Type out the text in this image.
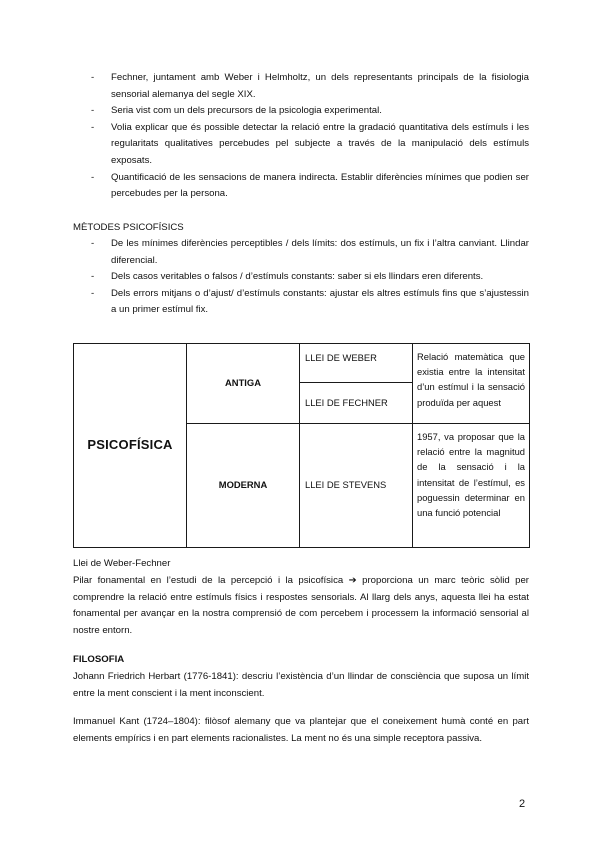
- Fechner, juntament amb Weber i Helmholtz, un dels representants principals de la fisiologia sensorial alemanya del segle XIX.
- Seria vist com un dels precursors de la psicologia experimental.
- Volia explicar que és possible detectar la relació entre la gradació quantitativa dels estímuls i les regularitats qualitatives percebudes pel subjecte a través de la manipulació dels estímuls exposats.
- Quantificació de les sensacions de manera indirecta. Establir diferències mínimes que podien ser percebudes per la persona.
MÈTODES PSICOFÍSICS
- De les mínimes diferències perceptibles / dels límits: dos estímuls, un fix i l’altra canviant. Llindar diferencial.
- Dels casos veritables o falsos / d’estímuls constants: saber si els llindars eren diferents.
- Dels errors mitjans o d’ajust/ d’estímuls constants: ajustar els altres estímuls fins que s’ajustessin a un primer estímul fix.
PSICOFÍSICA	ANTIGA	LLEI DE WEBER	Relació matemàtica que existia entre la intensitat d’un estímul i la sensació produïda per aquest
		LLEI DE FECHNER	
	MODERNA	LLEI DE STEVENS	1957, va proposar que la relació entre la magnitud de la sensació i la intensitat de l’estímul, es poguessin determinar en una funció potencial
Llei de Weber-Fechner
Pilar fonamental en l’estudi de la percepció i la psicofísica ➔ proporciona un marc teòric sòlid per comprendre la relació entre estímuls físics i respostes sensorials. Al llarg dels anys, aquesta llei ha estat fonamental per avançar en la nostra comprensió de com percebem i processem la informació sensorial al nostre entorn.
FILOSOFIA
Johann Friedrich Herbart (1776-1841): descriu l’existència d’un llindar de consciència que suposa un límit entre la ment conscient i la ment inconscient.
Immanuel Kant (1724–1804): filòsof alemany que va plantejar que el coneixement humà conté en part elements empírics i en part elements racionalistes. La ment no és una simple receptora passiva.
2
